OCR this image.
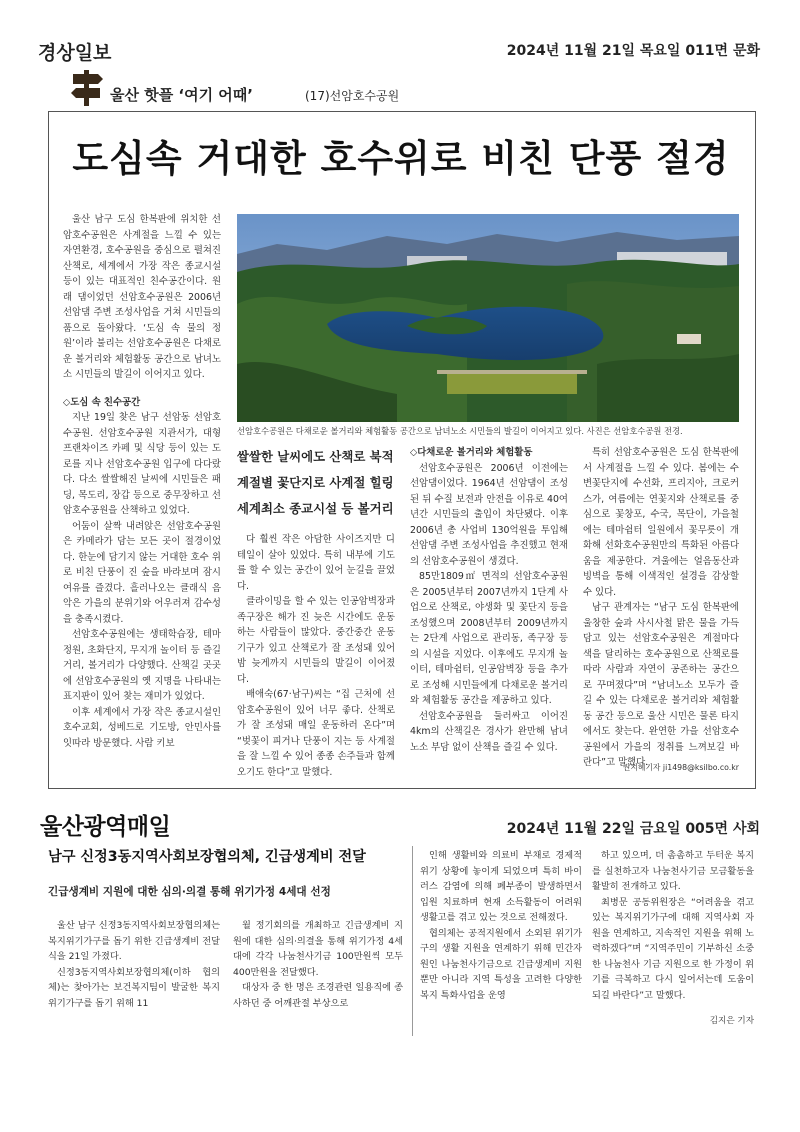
경상일보	2024년 11월 21일 목요일 011면 문화
울산 핫플 ‘여기 어때’	(17)선암호수공원
도심속 거대한 호수위로 비친 단풍 절경
선암호수공원은 다채로운 볼거리와 체험활동 공간으로 남녀노소 시민들의 발길이 이어지고 있다. 사진은 선암호수공원 전경.

울산 남구 도심 한복판에 위치한 선암호수공원은 사계절을 느낄 수 있는 자연환경, 호수공원을 중심으로 펼쳐진 산책로, 세계에서 가장 작은 종교시설 등이 있는 대표적인 친수공간이다. 원래 댐이었던 선암호수공원은 2006년 선암댐 주변 조성사업을 거쳐 시민들의 품으로 돌아왔다. ‘도심 속 물의 정원’이라 불리는 선암호수공원은 다채로운 볼거리와 체험활동 공간으로 남녀노소 시민들의 발길이 이어지고 있다.

◇도심 속 친수공간

지난 19일 찾은 남구 선암동 선암호수공원. 선암호수공원 지관서가, 대형 프랜차이즈 카페 및 식당 등이 있는 도로를 지나 선암호수공원 입구에 다다랐다. 다소 쌀쌀해진 날씨에 시민들은 패딩, 목도리, 장갑 등으로 중무장하고 선암호수공원을 산책하고 있었다.

어둠이 살짝 내려앉은 선암호수공원은 카메라가 담는 모든 곳이 절경이었다. 한눈에 담기지 않는 거대한 호수 위로 비친 단풍이 진 숲을 바라보며 잠시 여유를 즐겼다. 흘러나오는 클래식 음악은 가을의 분위기와 어우러져 감수성을 충족시켰다.

선암호수공원에는 생태학습장, 테마정원, 초화단지, 무지개 놀이터 등 즐길거리, 볼거리가 다양했다. 산책길 곳곳에 선암호수공원의 옛 지명을 나타내는 표지판이 있어 찾는 재미가 있었다.

이후 세계에서 가장 작은 종교시설인 호수교회, 성베드로 기도방, 안민사를 잇따라 방문했다. 사람 키보

쌀쌀한 날씨에도 산책로 북적
계절별 꽃단지로 사계절 힐링
세계최소 종교시설 등 볼거리

다 훨씬 작은 아담한 사이즈지만 디테일이 살아 있었다. 특히 내부에 기도를 할 수 있는 공간이 있어 눈길을 끌었다.

클라이밍을 할 수 있는 인공암벽장과 족구장은 해가 진 늦은 시간에도 운동하는 사람들이 많았다. 중간중간 운동기구가 있고 산책로가 잘 조성돼 있어 밤 늦게까지 시민들의 발길이 이어졌다.

배애숙(67·남구)씨는 “집 근처에 선암호수공원이 있어 너무 좋다. 산책로가 잘 조성돼 매일 운동하러 온다”며 “벚꽃이 피거나 단풍이 지는 등 사계절을 잘 느낄 수 있어 종종 손주들과 함께 오기도 한다”고 말했다.

◇다채로운 볼거리와 체험활동

선암호수공원은 2006년 이전에는 선암댐이었다. 1964년 선암댐이 조성된 뒤 수질 보전과 안전을 이유로 40여 년간 시민들의 출입이 차단됐다. 이후 2006년 총 사업비 130억원을 투입해 선암댐 주변 조성사업을 추진했고 현재의 선암호수공원이 생겼다.

85만1809㎡ 면적의 선암호수공원은 2005년부터 2007년까지 1단계 사업으로 산책로, 야생화 및 꽃단지 등을 조성했으며 2008년부터 2009년까지는 2단계 사업으로 관리동, 족구장 등의 시설을 지었다. 이후에도 무지개 놀이터, 테마쉼터, 인공암벽장 등을 추가로 조성해 시민들에게 다채로운 볼거리와 체험활동 공간을 제공하고 있다.

선암호수공원을 둘러싸고 이어진 4km의 산책길은 경사가 완만해 남녀노소 부담 없이 산책을 즐길 수 있다.

특히 선암호수공원은 도심 한복판에서 사계절을 느낄 수 있다. 봄에는 수변꽃단지에 수선화, 프리지아, 크로커스가, 여름에는 연꽃지와 산책로를 중심으로 꽃창포, 수국, 목단이, 가을철에는 테마쉼터 일원에서 꽃무릇이 개화해 선화호수공원만의 특화된 아름다움을 제공한다. 겨울에는 얼음동산과 빙벽을 통해 이색적인 설경을 감상할 수 있다.

남구 관계자는 “남구 도심 한복판에 울창한 숲과 사시사철 맑은 물을 가득 담고 있는 선암호수공원은 계절마다 색을 달리하는 호수공원으로 산책로를 따라 사람과 자연이 공존하는 공간으로 꾸며졌다”며 “남녀노소 모두가 즐길 수 있는 다채로운 볼거리와 체험활동 공간 등으로 울산 시민은 물론 타지에서도 찾는다. 완연한 가을 선암호수공원에서 가을의 정취를 느껴보길 바란다”고 말했다.

권지혜기자 ji1498@ksilbo.co.kr
울산광역매일	2024년 11월 22일 금요일 005면 사회
남구 신정3동지역사회보장협의체, 긴급생계비 전달
긴급생계비 지원에 대한 심의·의결 통해 위기가정 4세대 선정

울산 남구 신정3동지역사회보장협의체는 복지위기가구를 돕기 위한 긴급생계비 전달식을 21일 가졌다.

신정3동지역사회보장협의체(이하 협의체)는 찾아가는 보건복지팀이 발굴한 복지위기가구를 돕기 위해 11

월 정기회의를 개최하고 긴급생계비 지원에 대한 심의·의결을 통해 위기가정 4세대에 각각 나눔천사기금 100만원씩 모두 400만원을 전달했다.

대상자 중 한 명은 조경관련 일용직에 종사하던 중 어깨관절 부상으로

인해 생활비와 의료비 부채로 경제적 위기 상황에 놓이게 되었으며 특히 바이러스 감염에 의해 폐부종이 발생하면서 입원 치료하며 현재 소득활동이 어려워 생활고를 겪고 있는 것으로 전해졌다.

협의체는 공적지원에서 소외된 위기가구의 생활 지원을 연계하기 위해 민간자원인 나눔천사기금으로 긴급생계비 지원뿐만 아니라 지역 특성을 고려한 다양한 복지 특화사업을 운영

하고 있으며, 더 촘촘하고 두터운 복지를 실천하고자 나눔천사기금 모금활동을 활발히 전개하고 있다.

최병문 공동위원장은 “어려움을 겪고 있는 복지위기가구에 대해 지역사회 자원을 연계하고, 지속적인 지원을 위해 노력하겠다”며 “지역주민이 기부하신 소중한 나눔천사 기금 지원으로 한 가정이 위기를 극복하고 다시 일어서는데 도움이 되길 바란다”고 말했다.

김지은 기자
